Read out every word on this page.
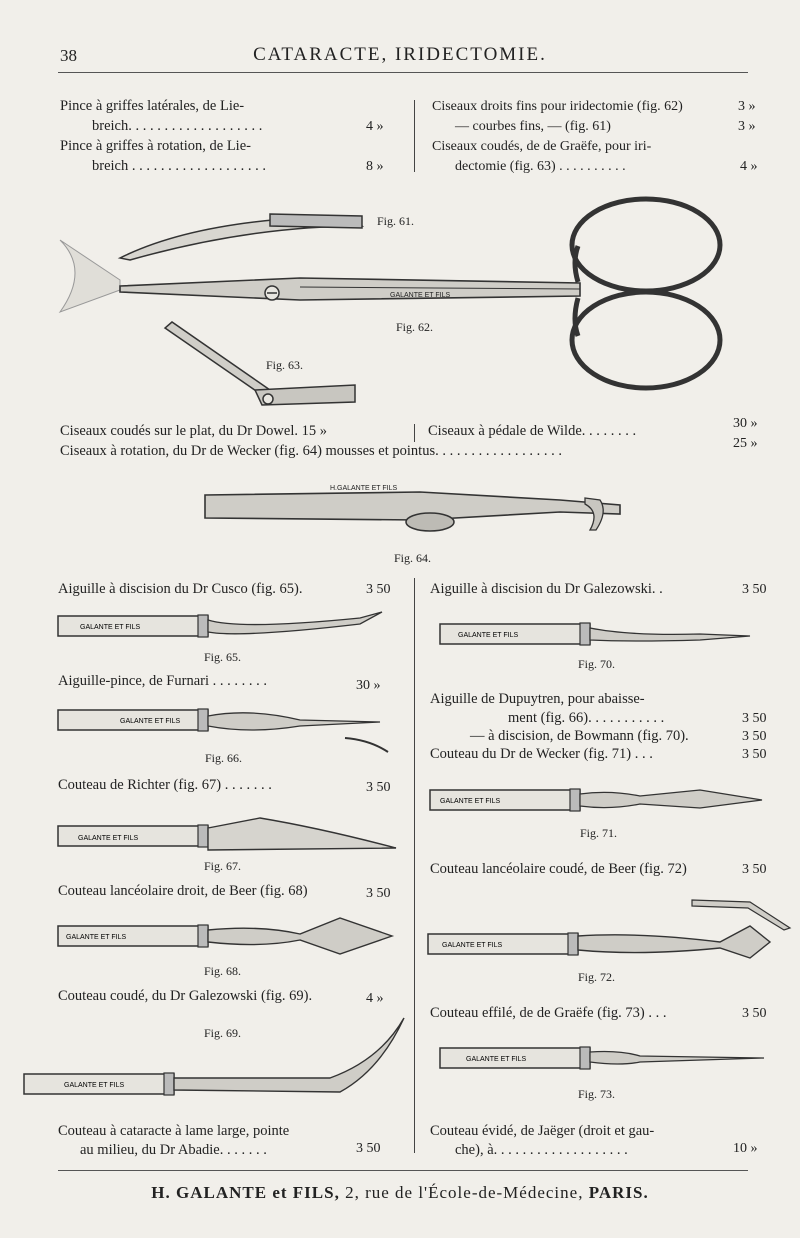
38	CATARACTE, IRIDECTOMIE.
Pince à griffes latérales, de Lie-
breich. . . . . . . . . . . . . . . . . . .	4 »
Pince à griffes à rotation, de Lie-
breich . . . . . . . . . . . . . . . . . . .	8 »
Ciseaux droits fins pour iridectomie (fig. 62)	3 »
— courbes fins, — (fig. 61)	3 »
Ciseaux coudés, de de Graëfe, pour iri-
dectomie (fig. 63) . . . . . . . . . .	4 »
GALANTE ET FILS
Fig. 61.
Fig. 62.
Fig. 63.
Ciseaux coudés sur le plat, du Dr Dowel. 15 »	Ciseaux à pédale de Wilde. . . . . . . .	30 »
Ciseaux à rotation, du Dr de Wecker (fig. 64) mousses et pointus. . . . . . . . . . . . . . . . . .	25 »
H.GALANTE ET FILS
Fig. 64.
Aiguille à discision du Dr Cusco (fig. 65).	3 50
Fig. 65.
Aiguille-pince, de Furnari . . . . . . . .	30 »
Fig. 66.
Couteau de Richter (fig. 67) . . . . . . .	3 50
Fig. 67.
Couteau lancéolaire droit, de Beer (fig. 68)	3 50
Fig. 68.
Couteau coudé, du Dr Galezowski (fig. 69).	4 »
Fig. 69.
Couteau à cataracte à lame large, pointe
au milieu, du Dr Abadie. . . . . . .	3 50
Aiguille à discision du Dr Galezowski. .	3 50
Fig. 70.
Aiguille de Dupuytren, pour abaisse-
ment (fig. 66). . . . . . . . . . .	3 50
— à discision, de Bowmann (fig. 70).	3 50
Couteau du Dr de Wecker (fig. 71) . . .	3 50
Fig. 71.
Couteau lancéolaire coudé, de Beer (fig. 72)	3 50
Fig. 72.
Couteau effilé, de de Graëfe (fig. 73) . . .	3 50
Fig. 73.
Couteau évidé, de Jaëger (droit et gau-
che), à. . . . . . . . . . . . . . . . . . .	10 »
GALANTE ET FILS
GALANTE ET FILS
GALANTE ET FILS
GALANTE ET FILS
GALANTE ET FILS
GALANTE ET FILS
GALANTE ET FILS
GALANTE ET FILS
GALANTE ET FILS
H. GALANTE et FILS, 2, rue de l'École-de-Médecine, PARIS.
